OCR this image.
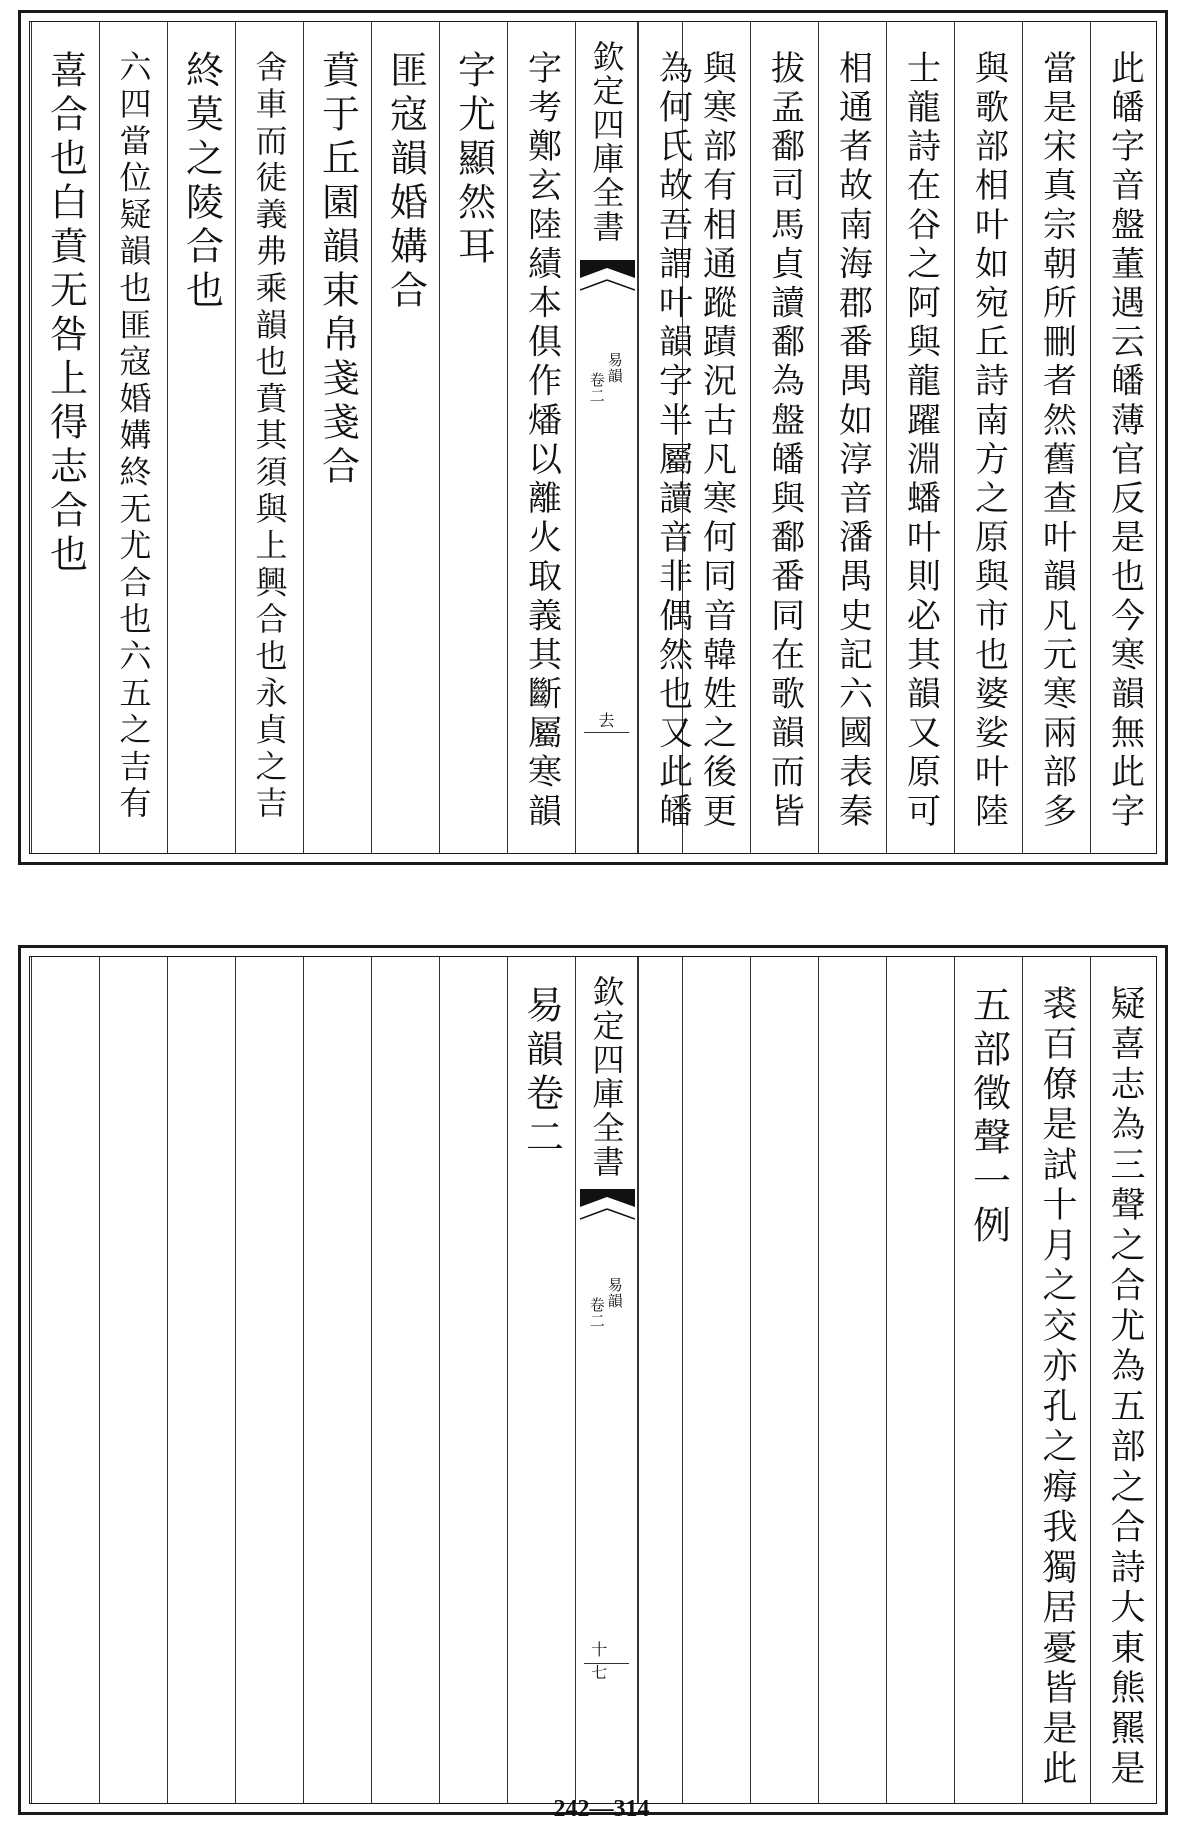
此皤字音盤董遇云皤薄官反是也今寒韻無此字
當是宋真宗朝所刪者然舊查叶韻凡元寒兩部多
與歌部相叶如宛丘詩南方之原與市也婆娑叶陸
士龍詩在谷之阿與龍躍淵蟠叶則必其韻又原可
相通者故南海郡番禺如淳音潘禺史記六國表秦
拔孟鄱司馬貞讀鄱為盤皤與鄱番同在歌韻而皆
與寒部有相通蹤蹟況古凡寒何同音韓姓之後更
為何氏故吾謂叶韻字半屬讀音非偶然也又此皤
欽定四庫全書
易韻
卷二
去
字考鄭玄陸績本俱作燔以離火取義其斷屬寒韻
字尤顯然耳
匪寇韻婚媾合
賁于丘園韻束帛戔戔合
舍車而徒義弗乘韻也賁其須與上興合也永貞之吉
終莫之陵合也
六四當位疑韻也匪寇婚媾終无尤合也六五之吉有
喜合也白賁无咎上得志合也
疑喜志為三聲之合尤為五部之合詩大東熊羆是
裘百僚是試十月之交亦孔之痗我獨居憂皆是此
五部徵聲一例
欽定四庫全書
易韻
卷二
十七
易韻卷二
242—314
